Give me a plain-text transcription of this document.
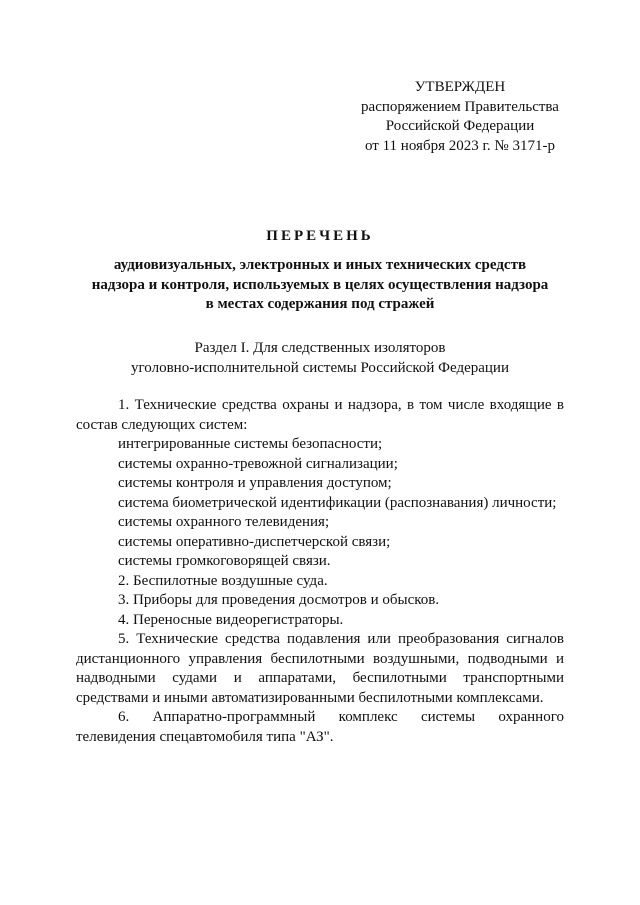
УТВЕРЖДЕН
распоряжением Правительства
Российской Федерации
от 11 ноября 2023 г. № 3171-р
ПЕРЕЧЕНЬ
аудиовизуальных, электронных и иных технических средств
надзора и контроля, используемых в целях осуществления надзора
в местах содержания под стражей
Раздел I. Для следственных изоляторов
уголовно-исполнительной системы Российской Федерации
1. Технические средства охраны и надзора, в том числе входящие в состав следующих систем:
интегрированные системы безопасности;
системы охранно-тревожной сигнализации;
системы контроля и управления доступом;
система биометрической идентификации (распознавания) личности;
системы охранного телевидения;
системы оперативно-диспетчерской связи;
системы громкоговорящей связи.
2. Беспилотные воздушные суда.
3. Приборы для проведения досмотров и обысков.
4. Переносные видеорегистраторы.
5. Технические средства подавления или преобразования сигналов дистанционного управления беспилотными воздушными, подводными и надводными судами и аппаратами, беспилотными транспортными средствами и иными автоматизированными беспилотными комплексами.
6. Аппаратно-программный комплекс системы охранного телевидения спецавтомобиля типа "АЗ".
